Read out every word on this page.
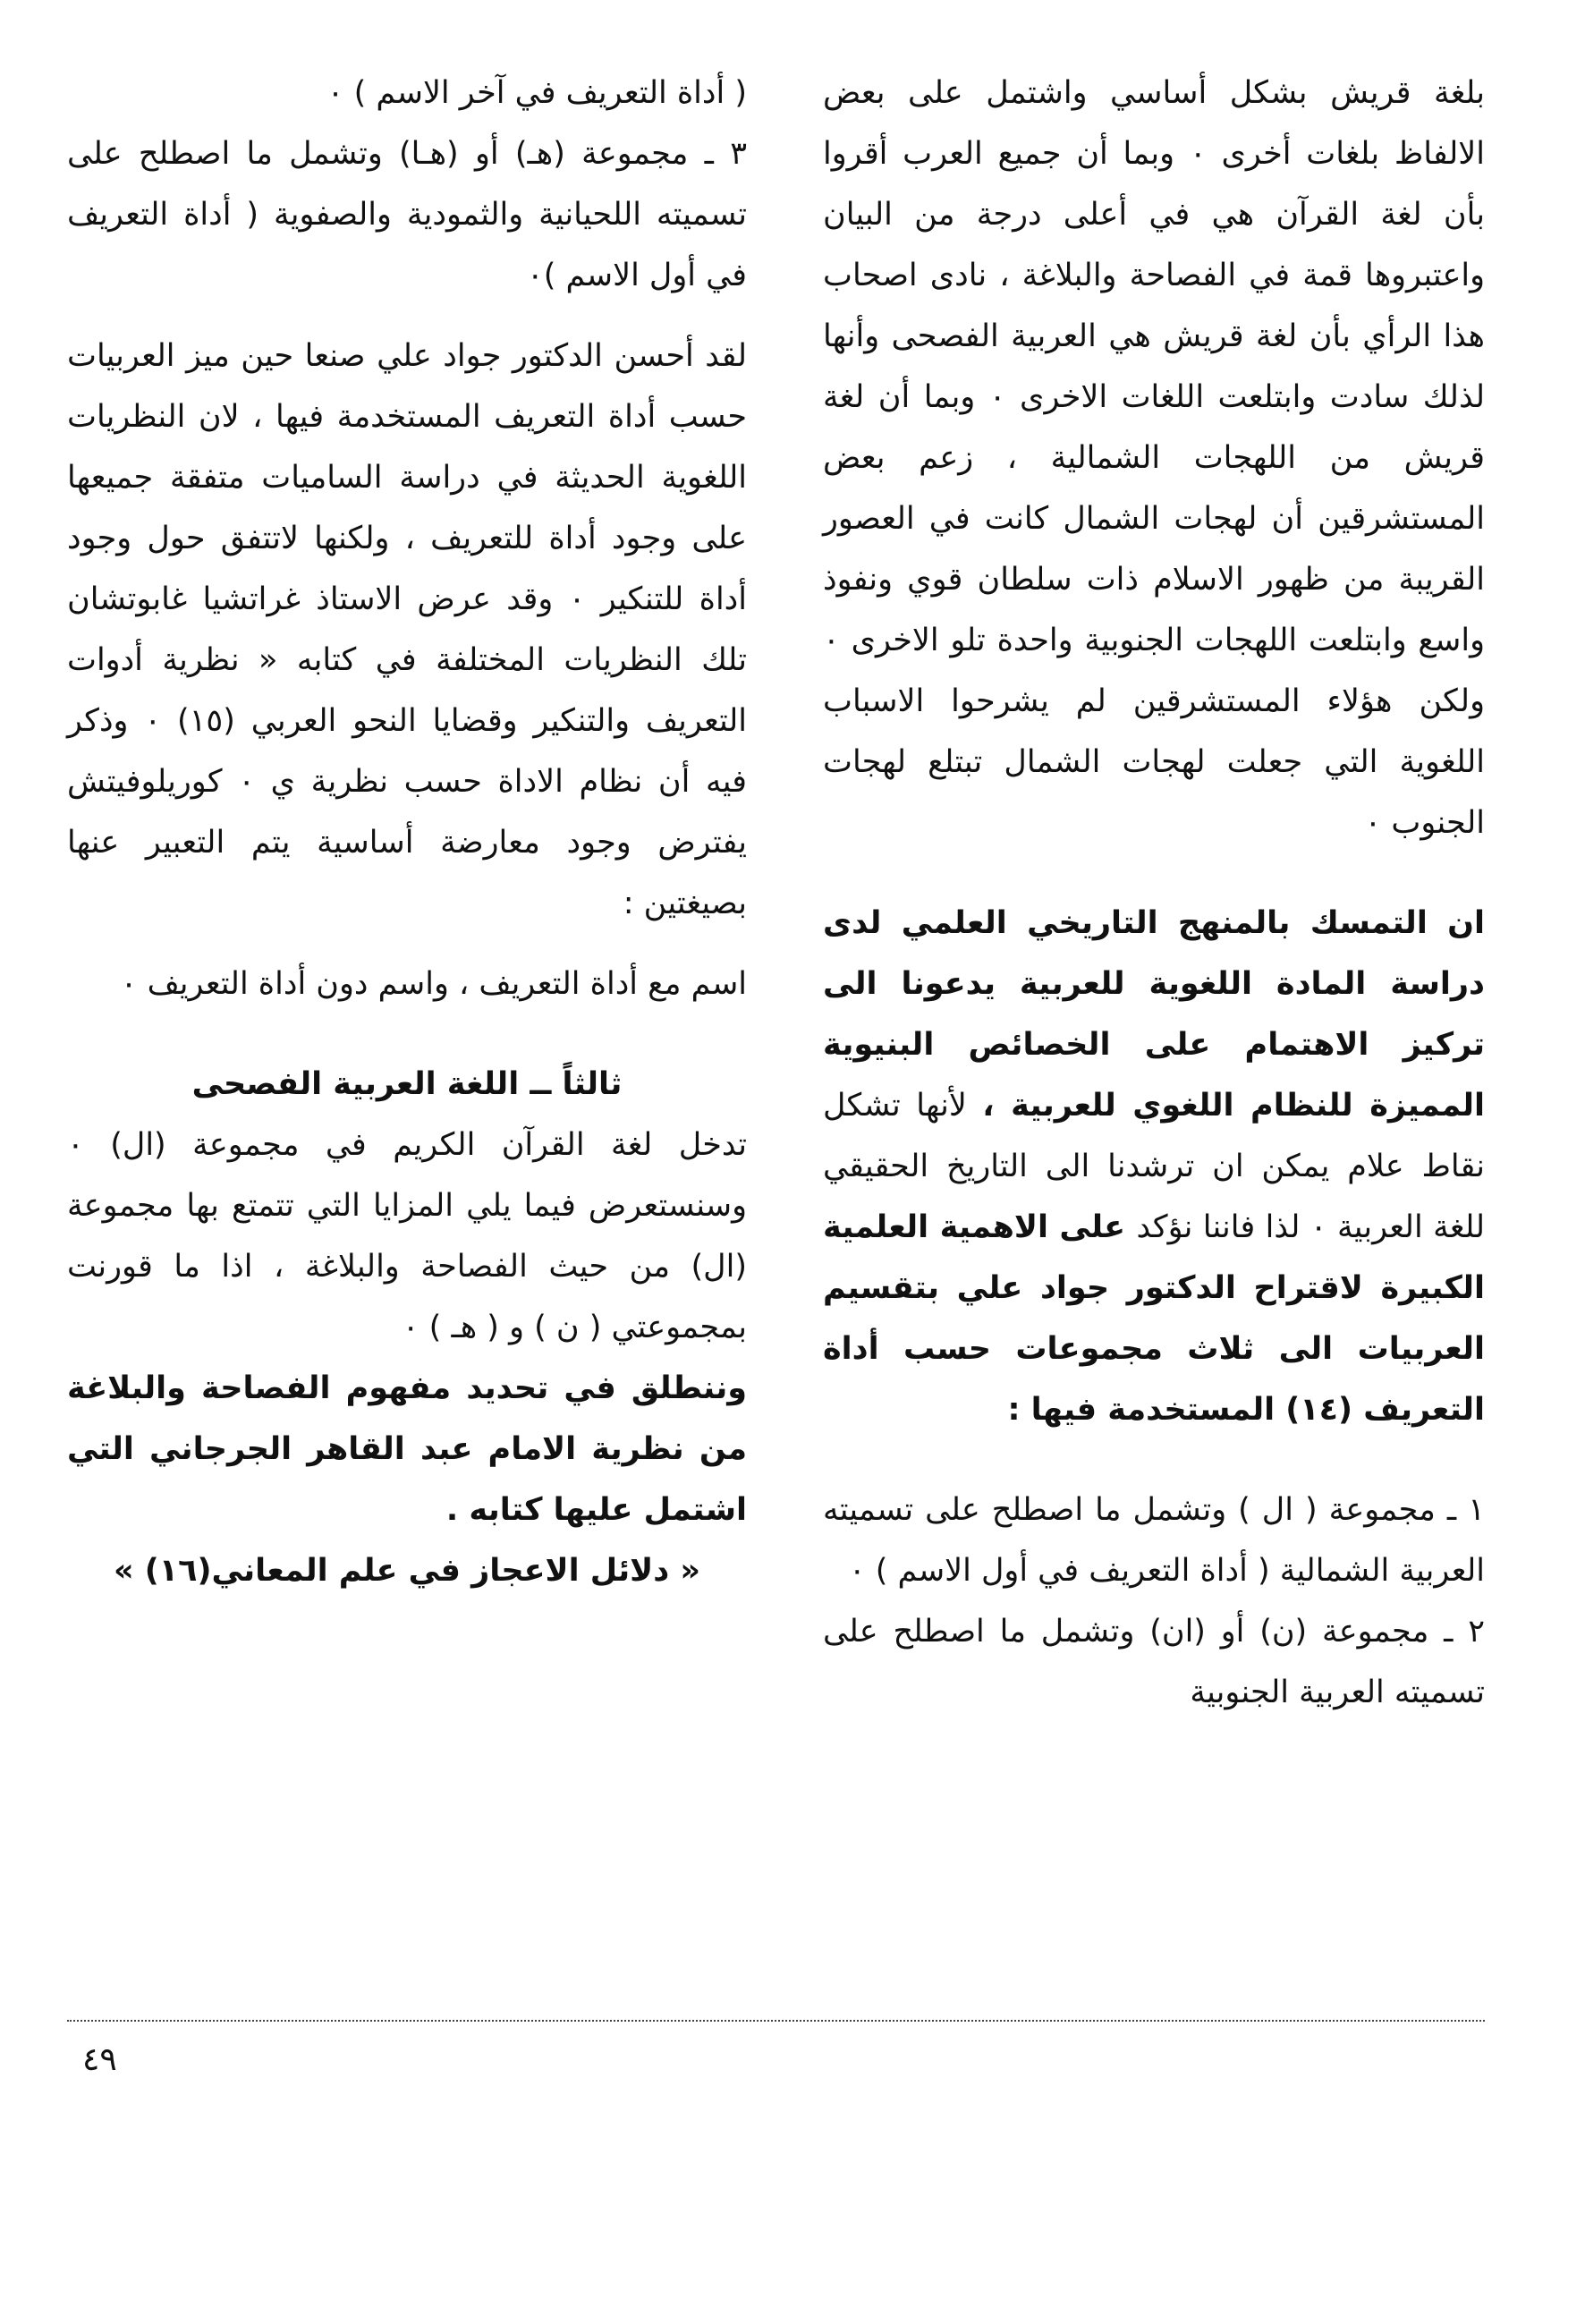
بلغة قريش بشكل أساسي واشتمل على بعض الالفاظ بلغات أخرى ٠ وبما أن جميع العرب أقروا بأن لغة القرآن هي في أعلى درجة من البيان واعتبروها قمة في الفصاحة والبلاغة ، نادى اصحاب هذا الرأي بأن لغة قريش هي العربية الفصحى وأنها لذلك سادت وابتلعت اللغات الاخرى ٠ وبما أن لغة قريش من اللهجات الشمالية ، زعم بعض المستشرقين أن لهجات الشمال كانت في العصور القريبة من ظهور الاسلام ذات سلطان قوي ونفوذ واسع وابتلعت اللهجات الجنوبية واحدة تلو الاخرى ٠ ولكن هؤلاء المستشرقين لم يشرحوا الاسباب اللغوية التي جعلت لهجات الشمال تبتلع لهجات الجنوب ٠

ان التمسك بالمنهج التاريخي العلمي لدى دراسة المادة اللغوية للعربية يدعونا الى تركيز الاهتمام على الخصائص البنيوية المميزة للنظام اللغوي للعربية ، لأنها تشكل نقاط علام يمكن ان ترشدنا الى التاريخ الحقيقي للغة العربية ٠ لذا فاننا نؤكد على الاهمية العلمية الكبيرة لاقتراح الدكتور جواد علي بتقسيم العربيات الى ثلاث مجموعات حسب أداة التعريف (١٤) المستخدمة فيها :

١ ـ مجموعة ( ال ) وتشمل ما اصطلح على تسميته العربية الشمالية ( أداة التعريف في أول الاسم ) ٠

٢ ـ مجموعة (ن) أو (ان) وتشمل ما اصطلح على تسميته العربية الجنوبية

( أداة التعريف في آخر الاسم ) ٠

٣ ـ مجموعة (هـ) أو (هـا) وتشمل ما اصطلح على تسميته اللحيانية والثمودية والصفوية ( أداة التعريف في أول الاسم )٠

لقد أحسن الدكتور جواد علي صنعا حين ميز العربيات حسب أداة التعريف المستخدمة فيها ، لان النظريات اللغوية الحديثة في دراسة الساميات متفقة جميعها على وجود أداة للتعريف ، ولكنها لاتتفق حول وجود أداة للتنكير ٠ وقد عرض الاستاذ غراتشيا غابوتشان تلك النظريات المختلفة في كتابه « نظرية أدوات التعريف والتنكير وقضايا النحو العربي (١٥) ٠ وذكر فيه أن نظام الاداة حسب نظرية ي ٠ كوريلوفيتش يفترض وجود معارضة أساسية يتم التعبير عنها بصيغتين :

اسم مع أداة التعريف ، واسم دون أداة التعريف ٠

ثالثاً ــ اللغة العربية الفصحى

تدخل لغة القرآن الكريم في مجموعة (ال) ٠ وسنستعرض فيما يلي المزايا التي تتمتع بها مجموعة (ال) من حيث الفصاحة والبلاغة ، اذا ما قورنت بمجموعتي ( ن ) و ( هـ ) ٠

وننطلق في تحديد مفهوم الفصاحة والبلاغة من نظرية الامام عبد القاهر الجرجاني التي اشتمل عليها كتابه .

« دلائل الاعجاز في علم المعاني(١٦) »

٤٩
